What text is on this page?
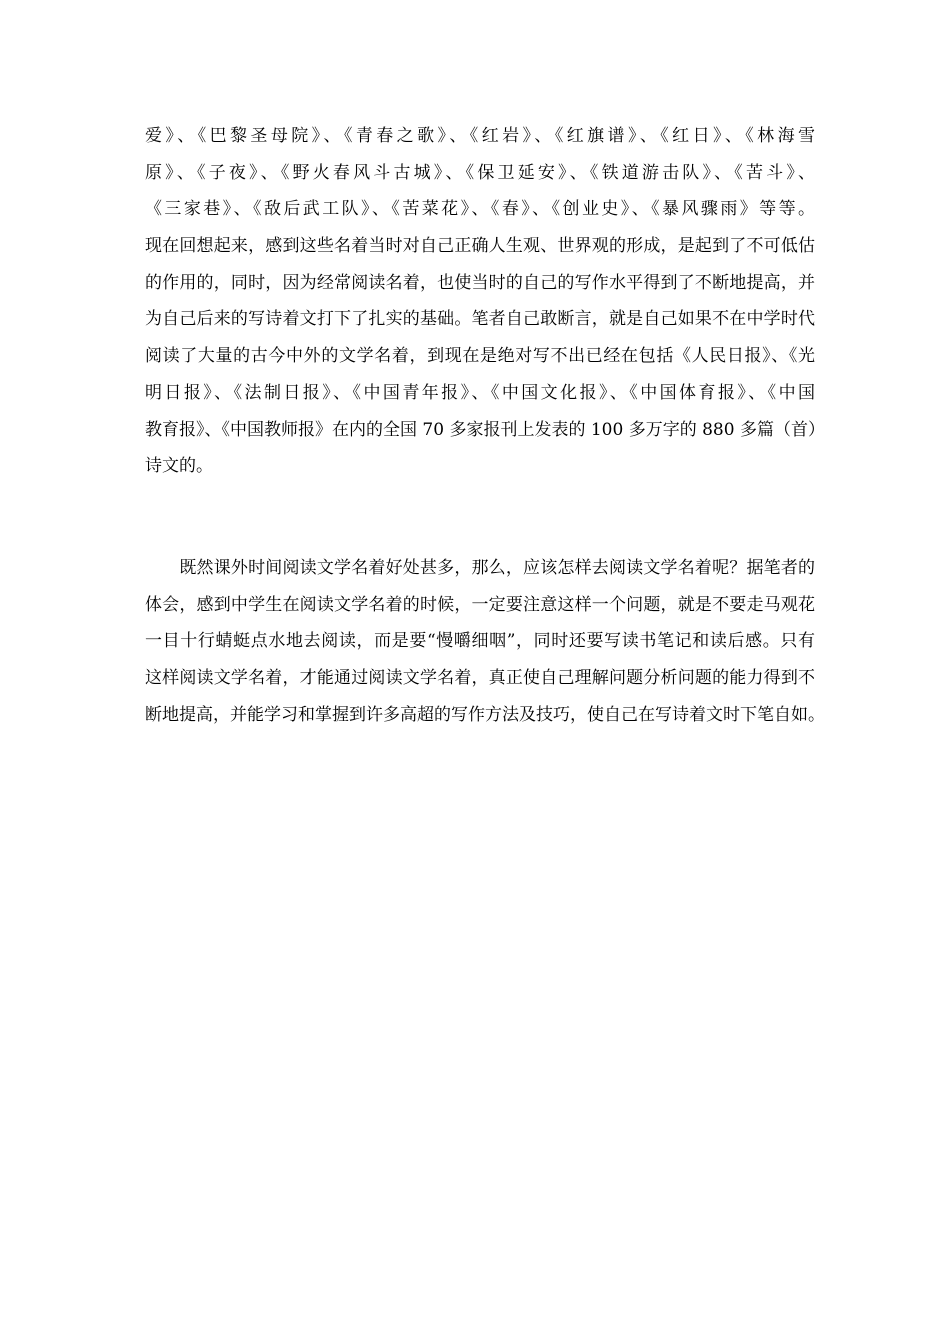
爱》、《巴黎圣母院》、《青春之歌》、《红岩》、《红旗谱》、《红日》、《林海雪
原》、《子夜》、《野火春风斗古城》、《保卫延安》、《铁道游击队》、《苦斗》、
《三家巷》、《敌后武工队》、《苦菜花》、《春》、《创业史》、《暴风骤雨》等等。
现在回想起来，感到这些名着当时对自己正确人生观、世界观的形成，是起到了不可低估
的作用的，同时，因为经常阅读名着，也使当时的自己的写作水平得到了不断地提高，并
为自己后来的写诗着文打下了扎实的基础。笔者自己敢断言，就是自己如果不在中学时代
阅读了大量的古今中外的文学名着，到现在是绝对写不出已经在包括《人民日报》、《光
明日报》、《法制日报》、《中国青年报》、《中国文化报》、《中国体育报》、《中国
教育报》、《中国教师报》在内的全国 70 多家报刊上发表的 100 多万字的 880 多篇（首）
诗文的。
　　既然课外时间阅读文学名着好处甚多，那么，应该怎样去阅读文学名着呢？据笔者的
体会，感到中学生在阅读文学名着的时候，一定要注意这样一个问题，就是不要走马观花
一目十行蜻蜓点水地去阅读，而是要“慢嚼细咽”，同时还要写读书笔记和读后感。只有
这样阅读文学名着，才能通过阅读文学名着，真正使自己理解问题分析问题的能力得到不
断地提高，并能学习和掌握到许多高超的写作方法及技巧，使自己在写诗着文时下笔自如。
